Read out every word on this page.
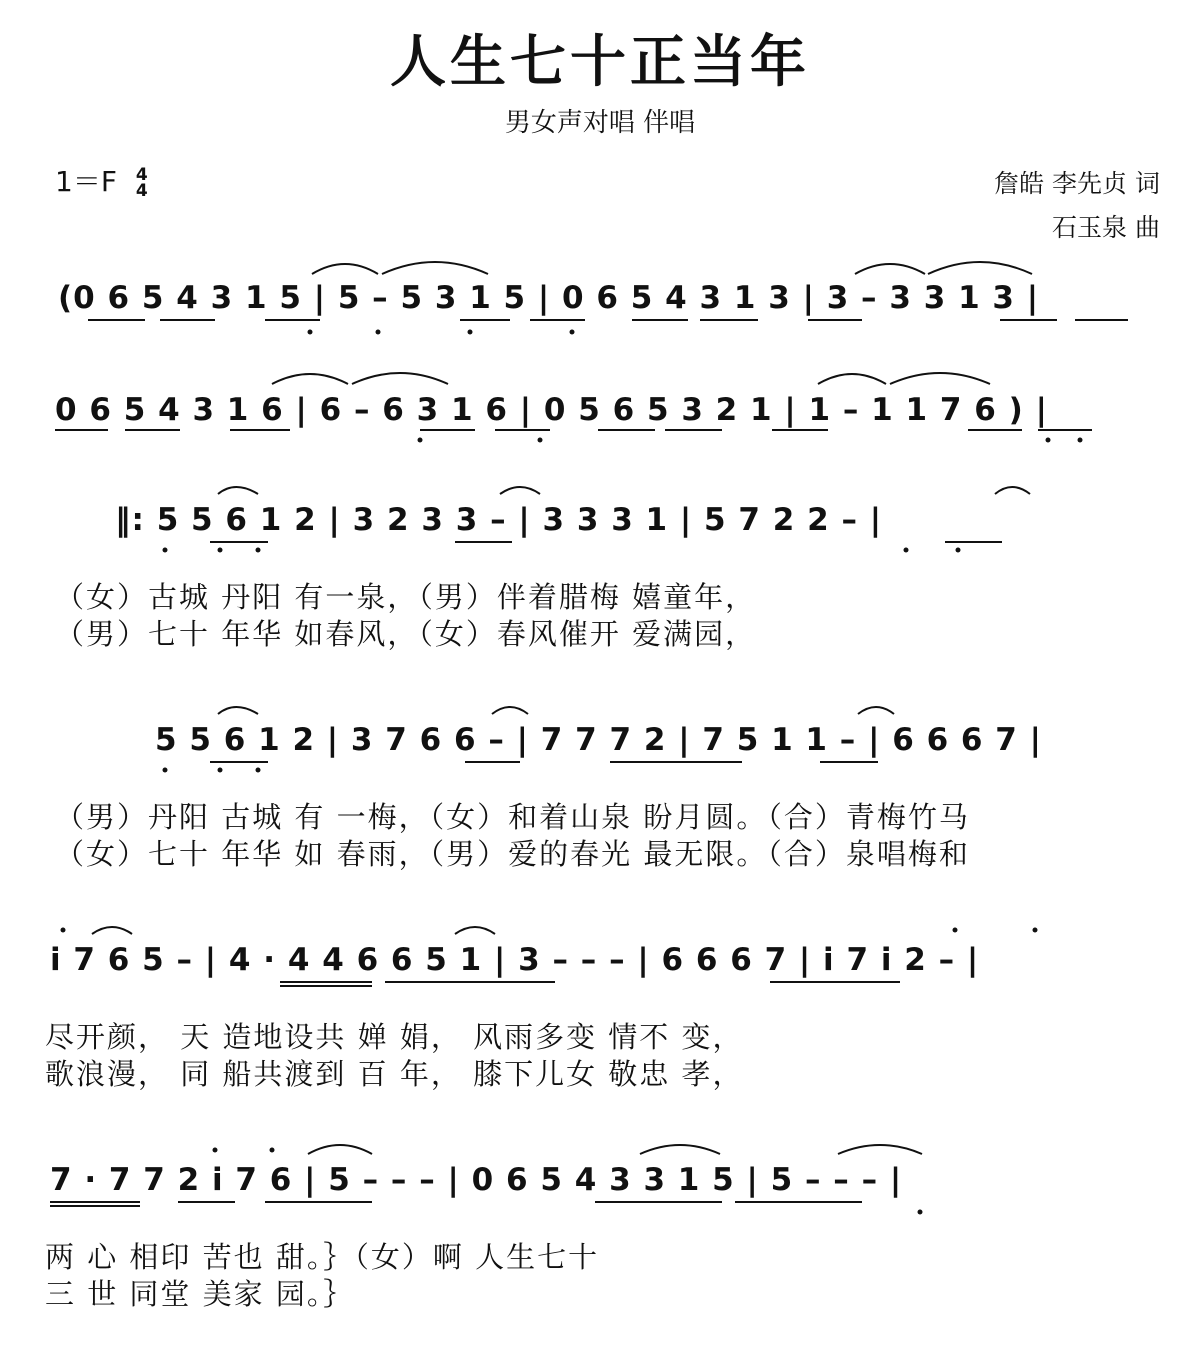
人生七十正当年
男女声对唱 伴唱
1＝F 4
4	詹皓 李先贞 词
石玉泉 曲
(0 6 5 4 3 1 5 | 5 – 5 3 1 5 | 0 6 5 4 3 1 3 | 3 – 3 3 1 3 |
0 6 5 4 3 1 6 | 6 – 6 3 1 6 | 0 5 6 5 3 2 1 | 1 – 1 1 7 6 ) |
‖: 5 5 6 1 2 | 3 2 3 3 – | 3 3 3 1 | 5 7 2 2 – |
（女）古城 丹阳 有一泉，（男）伴着腊梅 嬉童年，
（男）七十 年华 如春风，（女）春风催开 爱满园，
5 5 6 1 2 | 3 7 6 6 – | 7 7 7 2 | 7 5 1 1 – | 6 6 6 7 |
（男）丹阳 古城 有 一梅，（女）和着山泉 盼月圆。（合）青梅竹马
（女）七十 年华 如 春雨，（男）爱的春光 最无限。（合）泉唱梅和
i 7 6 5 – | 4 · 4 4 6 6 5 1 | 3 – – – | 6 6 6 7 | i 7 i 2 – |
尽开颜， 天 造地设共 婵 娟， 风雨多变 情不 变，
歌浪漫， 同 船共渡到 百 年， 膝下儿女 敬忠 孝，
7 · 7 7 2 i 7 6 | 5 – – – | 0 6 5 4 3 3 1 5 | 5 – – – |
两 心 相印 苦也 甜。｝（女）啊 人生七十
三 世 同堂 美家 园。｝
